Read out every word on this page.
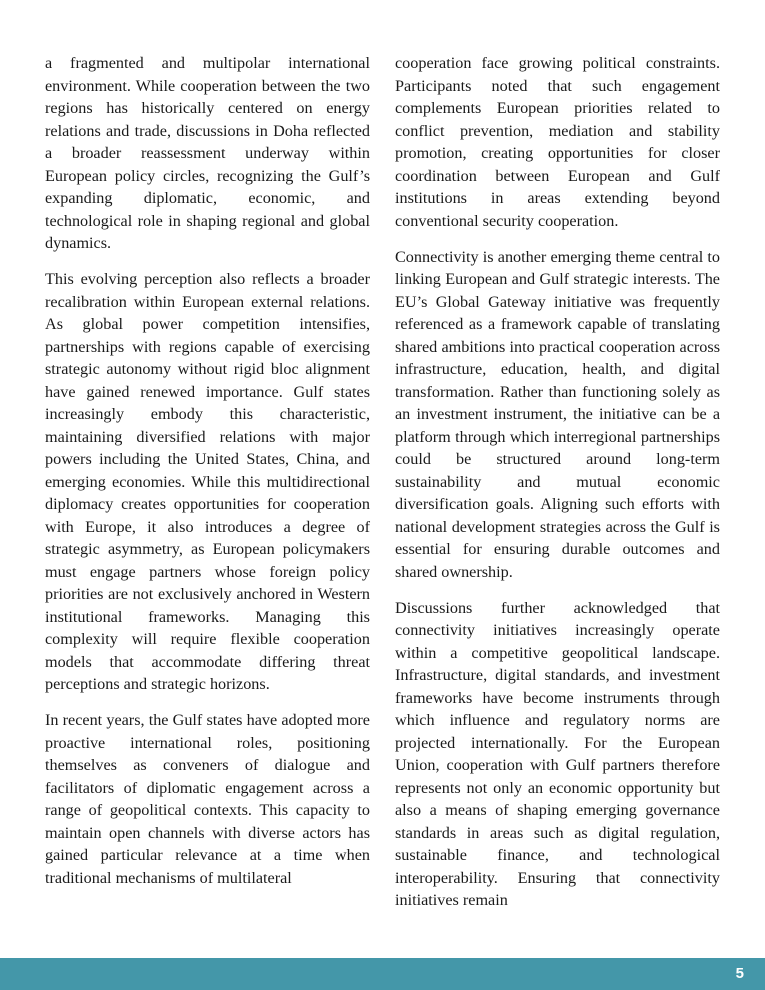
a fragmented and multipolar international environment. While cooperation between the two regions has historically centered on energy relations and trade, discussions in Doha reflected a broader reassessment underway within European policy circles, recognizing the Gulf’s expanding diplomatic, economic, and technological role in shaping regional and global dynamics.

This evolving perception also reflects a broader recalibration within European external relations. As global power competition intensifies, partnerships with regions capable of exercising strategic autonomy without rigid bloc alignment have gained renewed importance. Gulf states increasingly embody this characteristic, maintaining diversified relations with major powers including the United States, China, and emerging economies. While this multidirectional diplomacy creates opportunities for cooperation with Europe, it also introduces a degree of strategic asymmetry, as European policymakers must engage partners whose foreign policy priorities are not exclusively anchored in Western institutional frameworks. Managing this complexity will require flexible cooperation models that accommodate differing threat perceptions and strategic horizons.

In recent years, the Gulf states have adopted more proactive international roles, positioning themselves as conveners of dialogue and facilitators of diplomatic engagement across a range of geopolitical contexts. This capacity to maintain open channels with diverse actors has gained particular relevance at a time when traditional mechanisms of multilateral

cooperation face growing political constraints. Participants noted that such engagement complements European priorities related to conflict prevention, mediation and stability promotion, creating opportunities for closer coordination between European and Gulf institutions in areas extending beyond conventional security cooperation.

Connectivity is another emerging theme central to linking European and Gulf strategic interests. The EU’s Global Gateway initiative was frequently referenced as a framework capable of translating shared ambitions into practical cooperation across infrastructure, education, health, and digital transformation. Rather than functioning solely as an investment instrument, the initiative can be a platform through which interregional partnerships could be structured around long-term sustainability and mutual economic diversification goals. Aligning such efforts with national development strategies across the Gulf is essential for ensuring durable outcomes and shared ownership.

Discussions further acknowledged that connectivity initiatives increasingly operate within a competitive geopolitical landscape. Infrastructure, digital standards, and investment frameworks have become instruments through which influence and regulatory norms are projected internationally. For the European Union, cooperation with Gulf partners therefore represents not only an economic opportunity but also a means of shaping emerging governance standards in areas such as digital regulation, sustainable finance, and technological interoperability. Ensuring that connectivity initiatives remain

5
